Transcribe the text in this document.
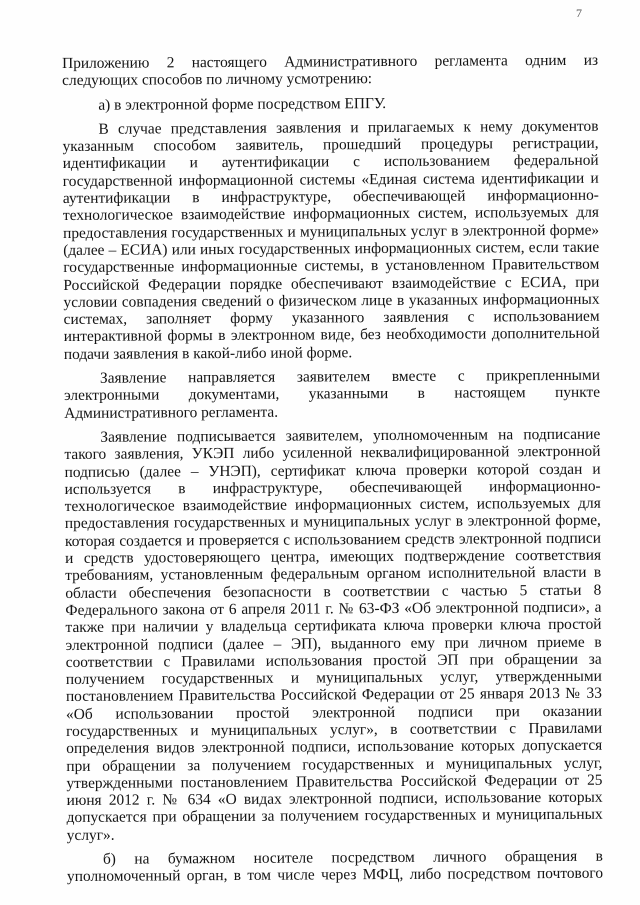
7

Приложению 2 настоящего Административного регламента одним из
следующих способов по личному усмотрению:

а) в электронной форме посредством ЕПГУ.

В случае представления заявления и прилагаемых к нему документов
указанным способом заявитель, прошедший процедуры регистрации,
идентификации и аутентификации с использованием федеральной
государственной информационной системы «Единая система идентификации и
аутентификации в инфраструктуре, обеспечивающей информационно-
технологическое взаимодействие информационных систем, используемых для
предоставления государственных и муниципальных услуг в электронной форме»
(далее – ЕСИА) или иных государственных информационных систем, если такие
государственные информационные системы, в установленном Правительством
Российской Федерации порядке обеспечивают взаимодействие с ЕСИА, при
условии совпадения сведений о физическом лице в указанных информационных
системах, заполняет форму указанного заявления с использованием
интерактивной формы в электронном виде, без необходимости дополнительной
подачи заявления в какой-либо иной форме.

Заявление направляется заявителем вместе с прикрепленными
электронными документами, указанными в настоящем пункте
Административного регламента.

Заявление подписывается заявителем, уполномоченным на подписание
такого заявления, УКЭП либо усиленной неквалифицированной электронной
подписью (далее – УНЭП), сертификат ключа проверки которой создан и
используется в инфраструктуре, обеспечивающей информационно-
технологическое взаимодействие информационных систем, используемых для
предоставления государственных и муниципальных услуг в электронной форме,
которая создается и проверяется с использованием средств электронной подписи
и средств удостоверяющего центра, имеющих подтверждение соответствия
требованиям, установленным федеральным органом исполнительной власти в
области обеспечения безопасности в соответствии с частью 5 статьи 8
Федерального закона от 6 апреля 2011 г. № 63-ФЗ «Об электронной подписи», а
также при наличии у владельца сертификата ключа проверки ключа простой
электронной подписи (далее – ЭП), выданного ему при личном приеме в
соответствии с Правилами использования простой ЭП при обращении за
получением государственных и муниципальных услуг, утвержденными
постановлением Правительства Российской Федерации от 25 января 2013 № 33
«Об использовании простой электронной подписи при оказании
государственных и муниципальных услуг», в соответствии с Правилами
определения видов электронной подписи, использование которых допускается
при обращении за получением государственных и муниципальных услуг,
утвержденными постановлением Правительства Российской Федерации от 25
июня 2012 г. № 634 «О видах электронной подписи, использование которых
допускается при обращении за получением государственных и муниципальных
услуг».

б) на бумажном носителе посредством личного обращения в
уполномоченный орган, в том числе через МФЦ, либо посредством почтового
